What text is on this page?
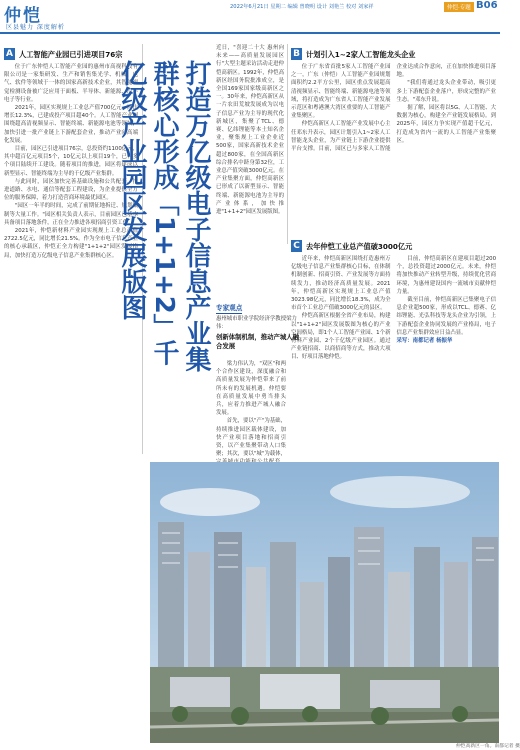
仲恺
区县魅力 深度解析
2022年6月21日 星期二 编辑 曾晓明 设计 刘艳兰 校对 刘家祥	仲恺·专题 B06
A 人工智能产业园已引进项目76宗

位于广东仲恺人工智能产业园的惠州市高视科技有限公司是一家集研发、生产和销售集光学、机械、电气、软件等领域于一体的国家高新技术企业，其智能视觉检测设备被广泛应用于面板、半导体、新能源、汽车电子等行业。

2021年，园区实现规上工业总产值700亿元，同比增长12.3%，已建成投产项目超40个。人工智能产业园围绕超高清视频显示、智能终端、新能源电池等领域，加快引进一批产业链上下游配套企业，推动产业向高端化发展。

目前，园区已引进项目76宗，总投资约1100亿元，其中超百亿元项目5个，10亿元以上项目19个，已有多个项目陆续开工建设。随着项目的推进，园区将建成以新型显示、智能终端为主导的千亿级产业集群。

与此同时，园区加快完善基础设施和公共配套，推进道路、水电、通信等配套工程建设，为企业提供全方位的服务保障，着力打造营商环境最优园区。

"园区一年半的时间，完成了前期征地拆迁、规划编制等大量工作。"园区相关负责人表示，目前园区已基本具备项目落地条件，正在全力推进各项招商引资工作。

2021年，仲恺新材料产业园实现规上工业总产值2722.5亿元，同比增长21.5%。作为全市电子信息产业的核心承载区，仲恺正全力构建"1+1+2"园区发展格局，加快打造万亿级电子信息产业集群核心区。	打造万亿级电子信息产业集群核心形成「1+1+2」千亿级产业园区发展版图

近日，"喜迎二十大 惠州向未来——高质量发展园区行"大型主题采访活动走进仲恺高新区。1992年，仲恺高新区经国务院批准成立，是全国169家国家级高新区之一。30年来，仲恺高新区从一片农田荒坡发展成为以电子信息产业为主导的现代化新城区，集聚了TCL、德赛、亿纬锂能等本土知名企业，聚集规上工业企业近500家，国家高新技术企业超过800家，在全国高新区综合排名中跻身第32位，工业总产值突破3000亿元。在产业集聚方面，仲恺高新区已形成了以新型显示、智能终端、新能源电池为主导的产业体系，加快推进"1+1+2"园区发展版图。

专家观点
惠州城市职业学院经济学教授梁力伟：
创新体制机制，推动产城人融合发展

梁力伟认为，"双区"和两个合作区建设，深度融合和高质量发展为仲恺带来了前所未有的发展机遇。仲恺要在高质量发展中勇当排头兵，应着力推进产城人融合发展。

首先，要以"产"为基础，持续推进园区载体建设，加快产业项目落地和招商引资，以产业集聚带动人口集聚；其次，要以"城"为载体，

B 计划引入1~2家人工智能龙头企业

位于广东省首批5家人工智能产业园之一，广东（仲恺）人工智能产业园规划面积约2.2平方公里，园区重点发展超高清视频显示、智能终端、新能源电池等领域，将打造成为广东省人工智能产业发展示范区和粤港澳大湾区重要的人工智能产业集聚区。

仲恺高新区人工智能产业发展中心主任邓东升表示，园区计划引入1~2家人工智能龙头企业，为产业链上下游企业提供平台支撑。目前，园区已与多家人工智能企业达成合作意向，正在加快推进项目落地。

"我们将通过龙头企业带动，吸引更多上下游配套企业落户，形成完整的产业生态。"邓东升说。

据了解，园区将以5G、人工智能、大数据为核心，构建全产业链发展格局。到2025年，园区力争实现产值超千亿元，打造成为省内一流的人工智能产业集聚区。

C 去年仲恺工业总产值破3000亿元

近年来，仲恺高新区围绕打造惠州万亿级电子信息产业集群核心目标，在体制机制创新、招商引资、产业发展等方面持续发力，推动经济高质量发展。2021年，仲恺高新区实现规上工业总产值3023.98亿元，同比增长18.3%，成为全市首个工业总产值破3000亿元的县区。

仲恺高新区根据全省产业布局，构建以"1+1+2"园区发展版图为核心的产业空间格局，即1个人工智能产业园、1个新材料产业园、2个千亿级产业园区。通过产业链招商、以商招商等方式，推动大项目、好项目落地仲恺。

目前，仲恺高新区在建项目超过200个，总投资超过2000亿元。未来，仲恺将加快推动产业转型升级，持续优化营商环境，为惠州建设国内一流城市贡献仲恺力量。

截至目前，仲恺高新区已集聚电子信息企业超500家，形成以TCL、德赛、亿纬锂能、光弘科技等龙头企业为引领，上下游配套企业协同发展的产业格局，电子信息产业集群效应日益凸显。

采写：南都记者 杨振华

仲恺高新区一角。南都记者 摄
